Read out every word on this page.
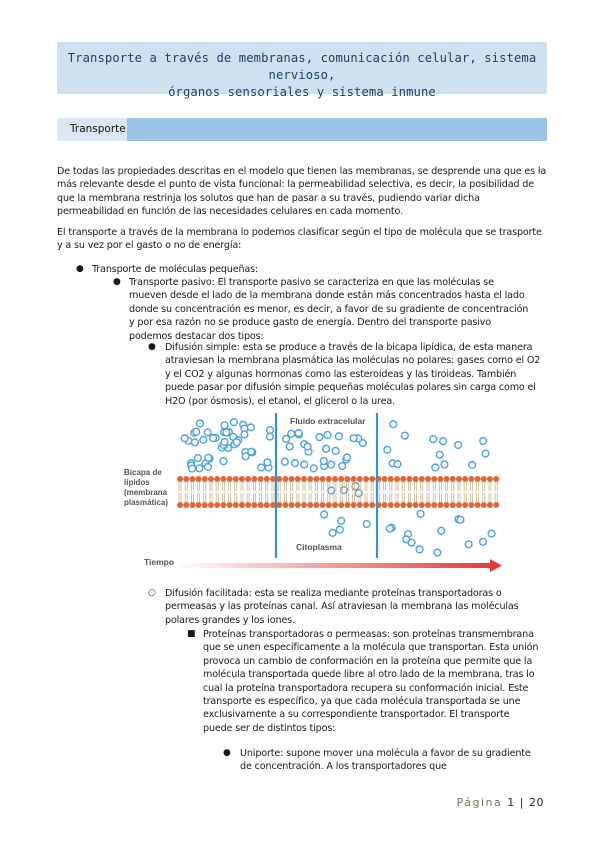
Transporte a través de membranas, comunicación celular, sistema nervioso,
órganos sensoriales y sistema inmune
Transporte
De todas las propiedades descritas en el modelo que tienen las membranas, se desprende una que es la más relevante desde el punto de vista funcional: la permeabilidad selectiva, es decir, la posibilidad de que la membrana restrinja los solutos que han de pasar a su través, pudiendo variar dicha permeabilidad en función de las necesidades celulares en cada momento.
El transporte a través de la membrana lo podemos clasificar según el tipo de molécula que se trasporte y a su vez por el gasto o no de energía:
● Transporte de moléculas pequeñas:
● Transporte pasivo: El transporte pasivo se caracteriza en que las moléculas se mueven desde el lado de la membrana donde están más concentrados hasta el lado donde su concentración es menor, es decir, a favor de su gradiente de concentración y por esa razón no se produce gasto de energía. Dentro del transporte pasivo podemos destacar dos tipos:
● Difusión simple: esta se produce a través de la bicapa lipídica, de esta manera atraviesan la membrana plasmática las moléculas no polares: gases como el O2 y el CO2 y algunas hormonas como las esteroideas y las tiroideas. También puede pasar por difusión simple pequeñas moléculas polares sin carga como el H2O (por ósmosis), el etanol, el glicerol o la urea.
Fluido extracelular
Citoplasma
Bicapa de
lípidos
(membrana
plasmática)
Tiempo
○ Difusión facilitada: esta se realiza mediante proteínas transportadoras o permeasas y las proteínas canal. Así atraviesan la membrana las moléculas polares grandes y los iones.
■ Proteínas transportadoras o permeasas: son proteínas transmembrana que se unen específicamente a la molécula que transportan. Esta unión provoca un cambio de conformación en la proteína que permite que la molécula transportada quede libre al otro lado de la membrana, tras lo cual la proteína transportadora recupera su conformación inicial. Este transporte es específico, ya que cada molécula transportada se une exclusivamente a su correspondiente transportador. El transporte puede ser de distintos tipos:
● Uniporte: supone mover una molécula a favor de su gradiente de concentración. A los transportadores que
Página 1 | 20
